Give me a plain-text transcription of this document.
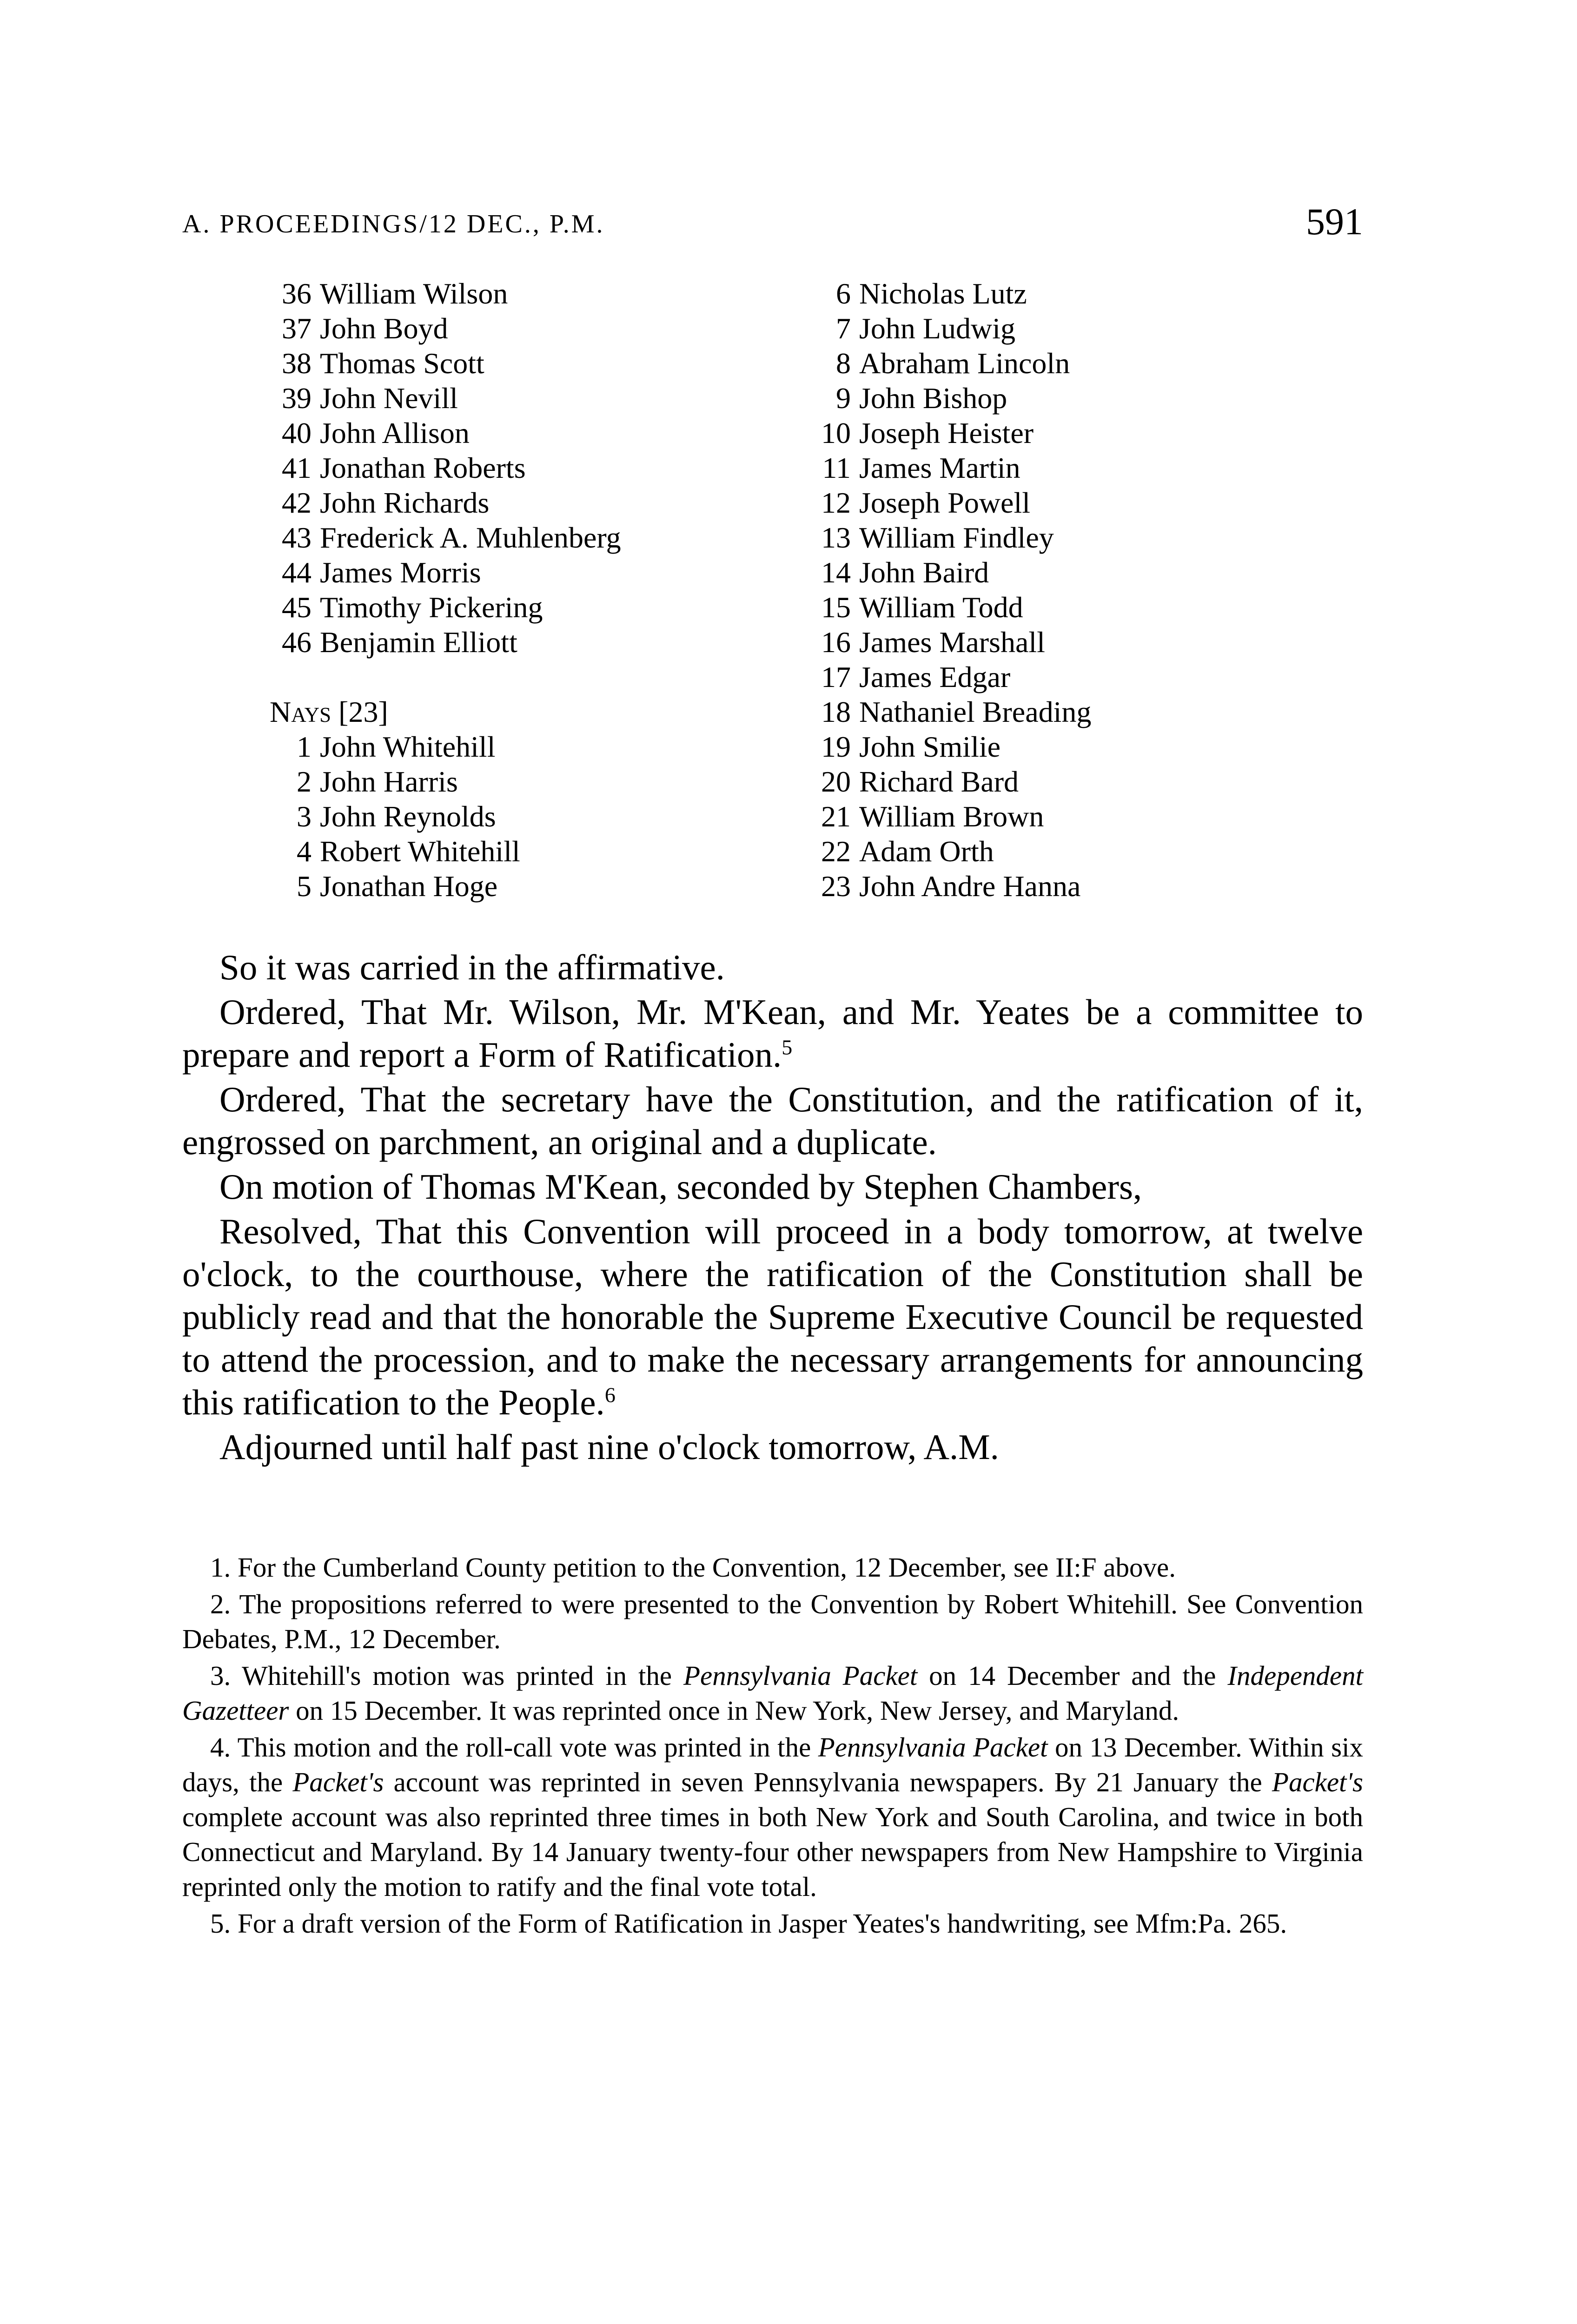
A. PROCEEDINGS/12 DEC., P.M.	591
36 William Wilson
37 John Boyd
38 Thomas Scott
39 John Nevill
40 John Allison
41 Jonathan Roberts
42 John Richards
43 Frederick A. Muhlenberg
44 James Morris
45 Timothy Pickering
46 Benjamin Elliott
Nays [23]
1 John Whitehill
2 John Harris
3 John Reynolds
4 Robert Whitehill
5 Jonathan Hoge
6 Nicholas Lutz
7 John Ludwig
8 Abraham Lincoln
9 John Bishop
10 Joseph Heister
11 James Martin
12 Joseph Powell
13 William Findley
14 John Baird
15 William Todd
16 James Marshall
17 James Edgar
18 Nathaniel Breading
19 John Smilie
20 Richard Bard
21 William Brown
22 Adam Orth
23 John Andre Hanna

So it was carried in the affirmative.

Ordered, That Mr. Wilson, Mr. M'Kean, and Mr. Yeates be a committee to prepare and report a Form of Ratification.$^5$

Ordered, That the secretary have the Constitution, and the ratification of it, engrossed on parchment, an original and a duplicate.

On motion of Thomas M'Kean, seconded by Stephen Chambers,

Resolved, That this Convention will proceed in a body tomorrow, at twelve o'clock, to the courthouse, where the ratification of the Constitution shall be publicly read and that the honorable the Supreme Executive Council be requested to attend the procession, and to make the necessary arrangements for announcing this ratification to the People.$^6$

Adjourned until half past nine o'clock tomorrow, A.M.

1. For the Cumberland County petition to the Convention, 12 December, see II:F above.

2. The propositions referred to were presented to the Convention by Robert Whitehill. See Convention Debates, P.M., 12 December.

3. Whitehill's motion was printed in the Pennsylvania Packet on 14 December and the Independent Gazetteer on 15 December. It was reprinted once in New York, New Jersey, and Maryland.

4. This motion and the roll-call vote was printed in the Pennsylvania Packet on 13 December. Within six days, the Packet's account was reprinted in seven Pennsylvania newspapers. By 21 January the Packet's complete account was also reprinted three times in both New York and South Carolina, and twice in both Connecticut and Maryland. By 14 January twenty-four other newspapers from New Hampshire to Virginia reprinted only the motion to ratify and the final vote total.

5. For a draft version of the Form of Ratification in Jasper Yeates's handwriting, see Mfm:Pa. 265.
